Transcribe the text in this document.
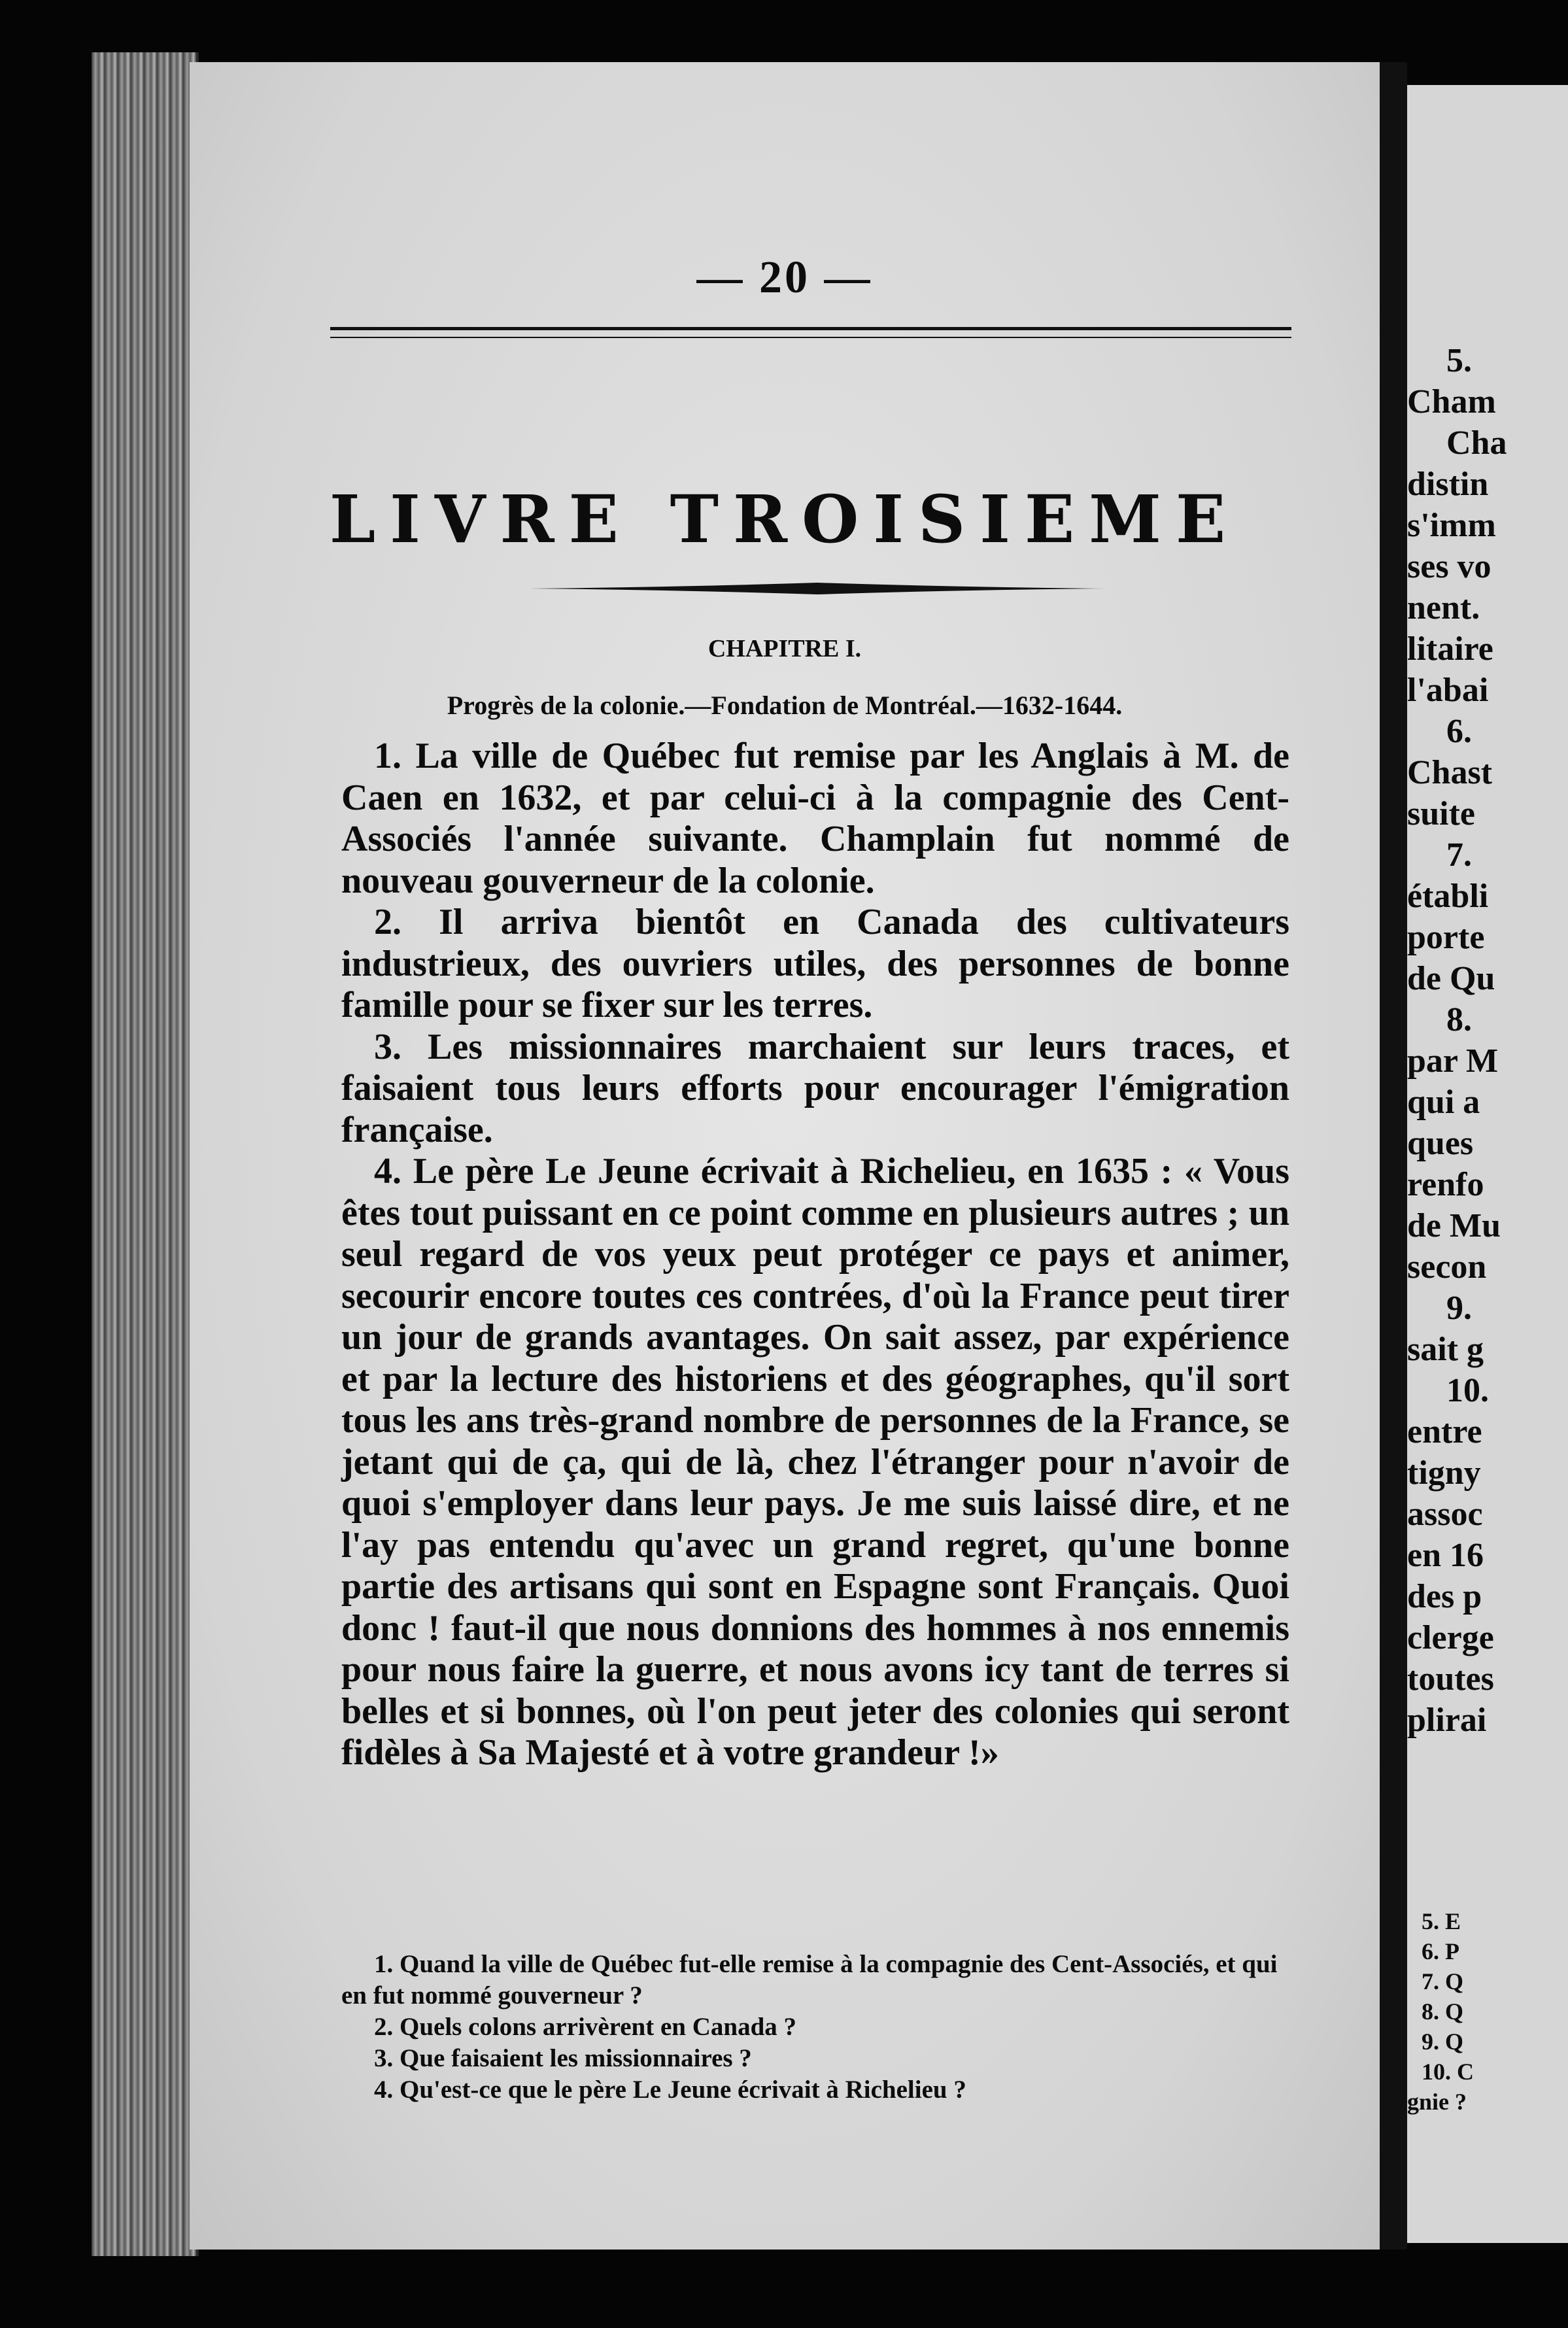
— 20 —
LIVRE TROISIEME
CHAPITRE I.
Progrès de la colonie.—Fondation de Montréal.—1632-1644.

1. La ville de Québec fut remise par les Anglais à M. de Caen en 1632, et par celui-ci à la compagnie des Cent-Associés l'année suivante. Champlain fut nommé de nouveau gouverneur de la colonie.

2. Il arriva bientôt en Canada des cultivateurs industrieux, des ouvriers utiles, des personnes de bonne famille pour se fixer sur les terres.

3. Les missionnaires marchaient sur leurs traces, et faisaient tous leurs efforts pour encourager l'émigration française.

4. Le père Le Jeune écrivait à Richelieu, en 1635 : « Vous êtes tout puissant en ce point comme en plusieurs autres ; un seul regard de vos yeux peut protéger ce pays et animer, secourir encore toutes ces contrées, d'où la France peut tirer un jour de grands avantages. On sait assez, par expérience et par la lecture des historiens et des géographes, qu'il sort tous les ans très-grand nombre de personnes de la France, se jetant qui de ça, qui de là, chez l'étranger pour n'avoir de quoi s'employer dans leur pays. Je me suis laissé dire, et ne l'ay pas entendu qu'avec un grand regret, qu'une bonne partie des artisans qui sont en Espagne sont Français. Quoi donc ! faut-il que nous donnions des hommes à nos ennemis pour nous faire la guerre, et nous avons icy tant de terres si belles et si bonnes, où l'on peut jeter des colonies qui seront fidèles à Sa Majesté et à votre grandeur !»

1. Quand la ville de Québec fut-elle remise à la compagnie des Cent-Associés, et qui en fut nommé gouverneur ?

2. Quels colons arrivèrent en Canada ?

3. Que faisaient les missionnaires ?

4. Qu'est-ce que le père Le Jeune écrivait à Richelieu ?

5.
Cham
Cha
distin
s'imm
ses vo
nent.
litaire
l'abai
6.
Chast
suite
7.
établi
porte
de Qu
8.
par M
qui a
ques
renfo
de Mu
secon
9.
sait g
10.
entre
tigny
assoc
en 16
des p
clerge
toutes
plirai
5. E
6. P
7. Q
8. Q
9. Q
10. C
gnie ?
